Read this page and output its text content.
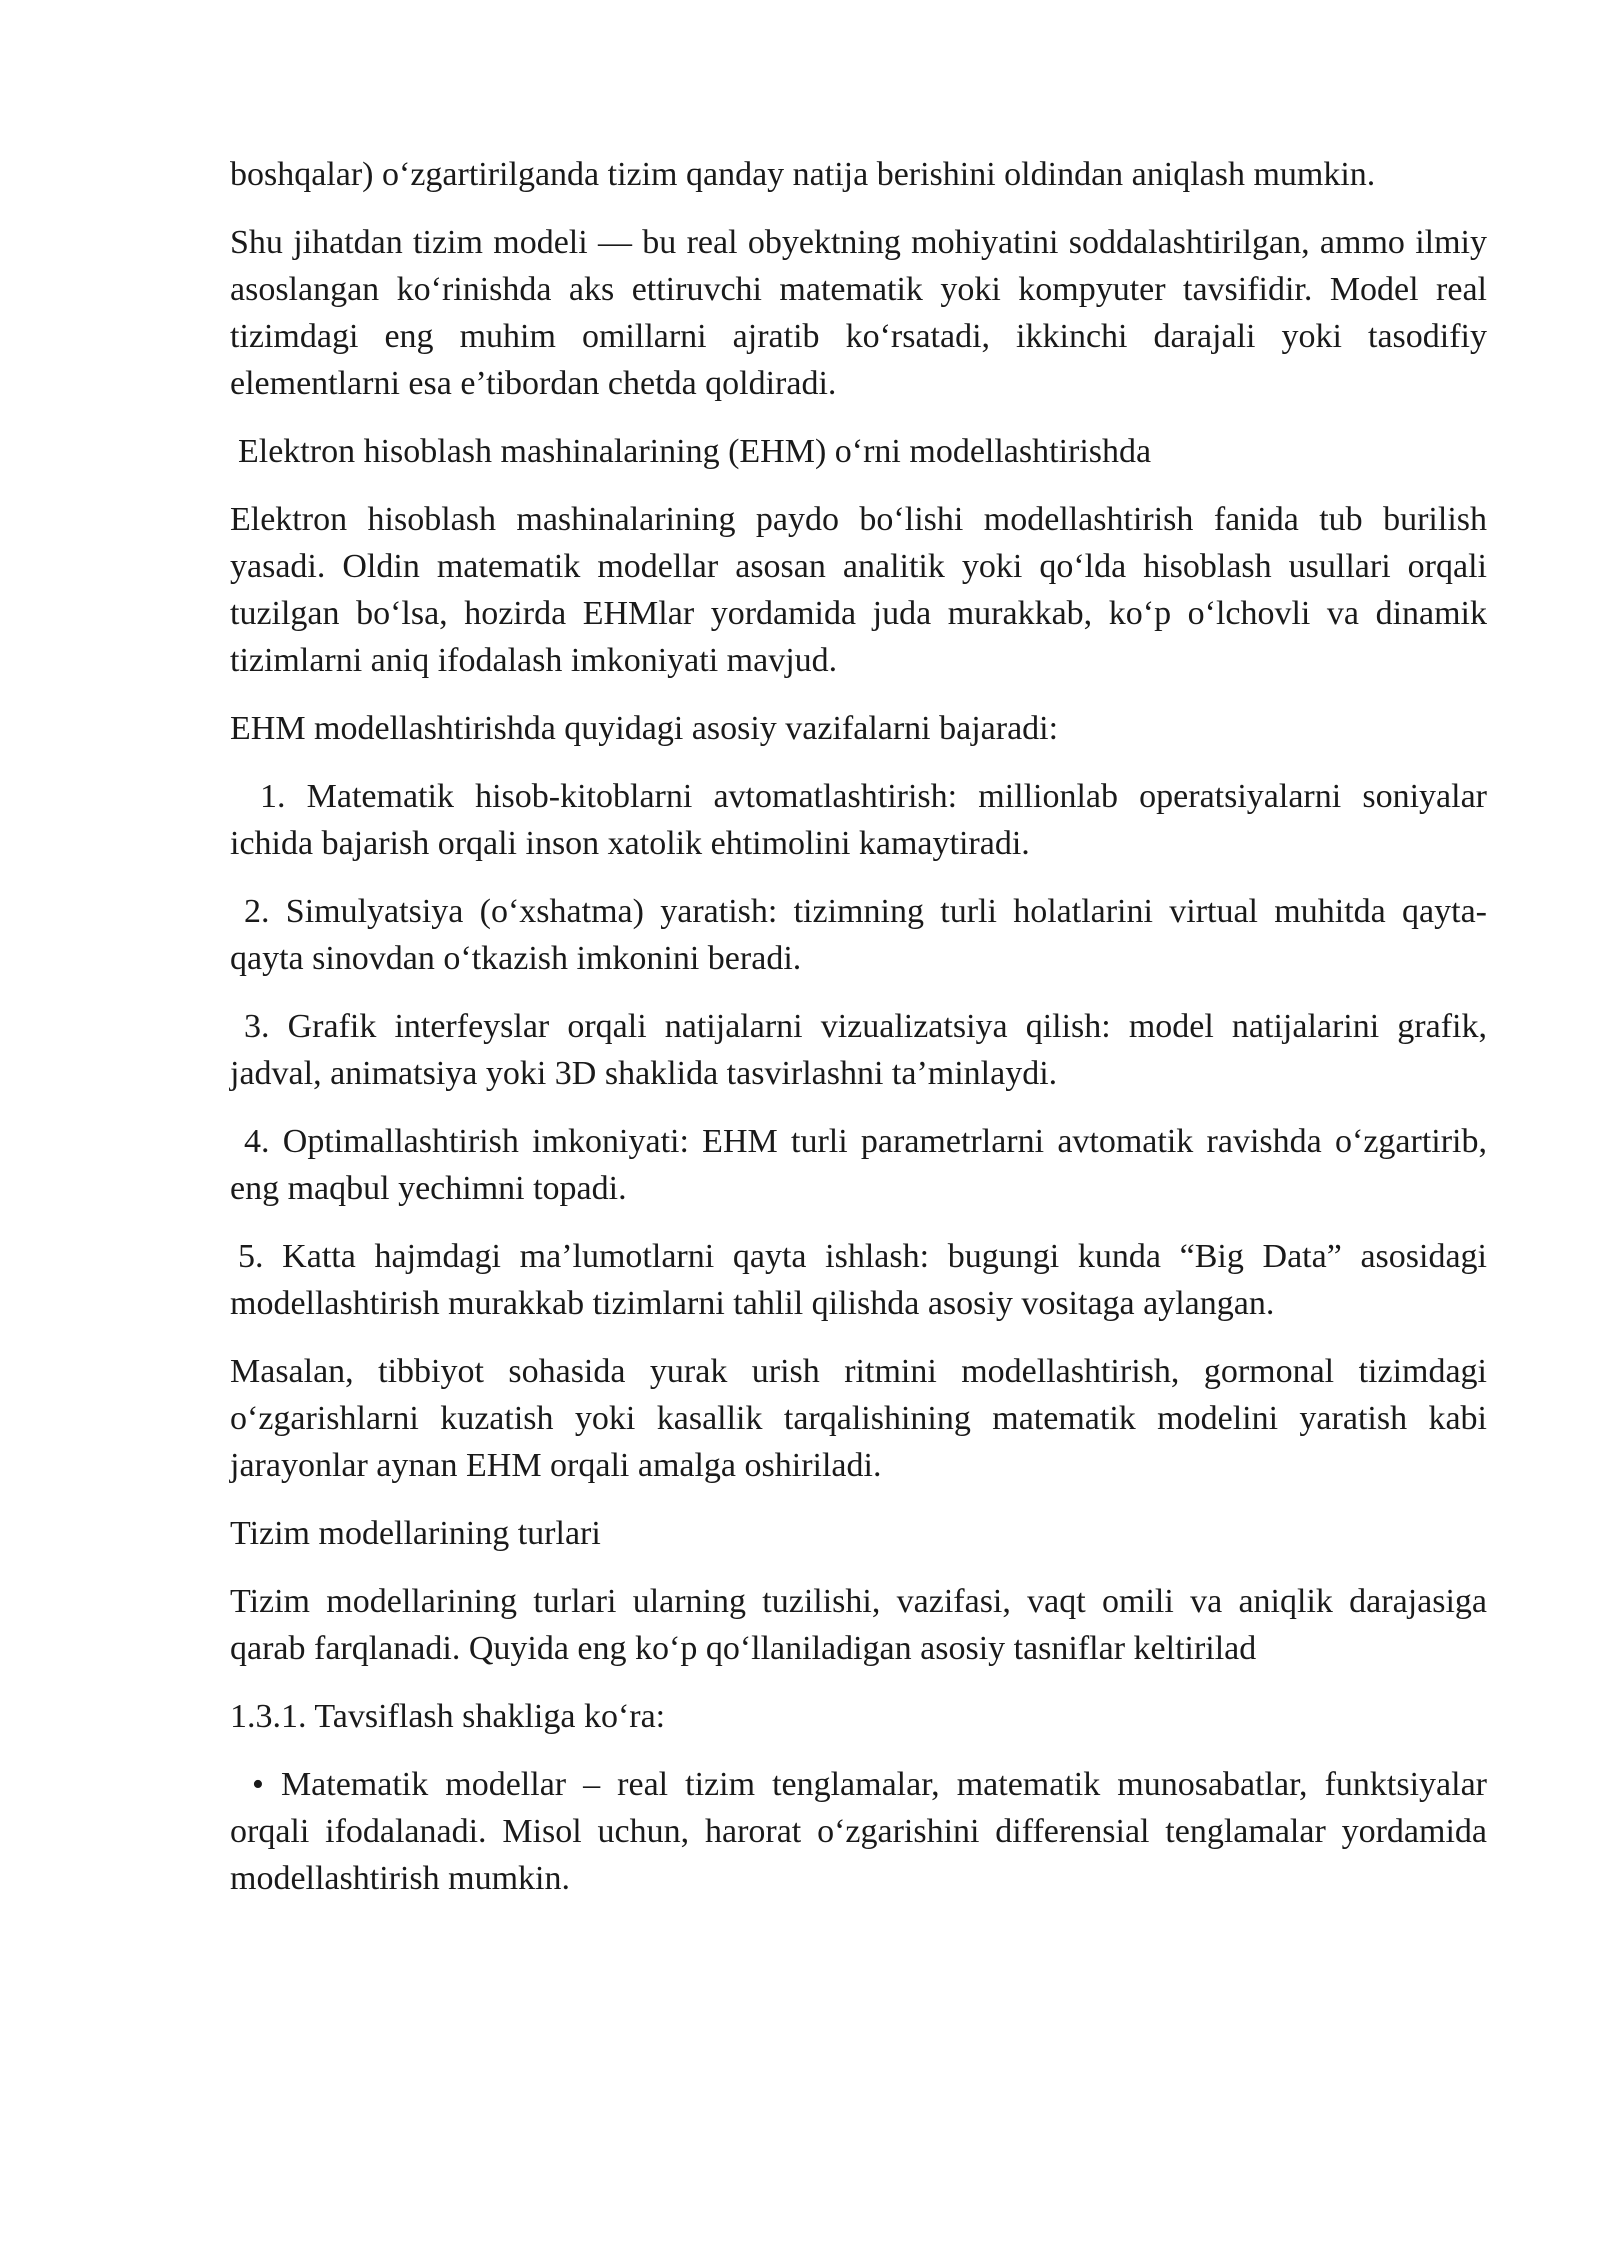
boshqalar) o‘zgartirilganda tizim qanday natija berishini oldindan aniqlash mumkin.

Shu jihatdan tizim modeli — bu real obyektning mohiyatini soddalashtirilgan, ammo ilmiy asoslangan ko‘rinishda aks ettiruvchi matematik yoki kompyuter tavsifidir. Model real tizimdagi eng muhim omillarni ajratib ko‘rsatadi, ikkinchi darajali yoki tasodifiy elementlarni esa e’tibordan chetda qoldiradi.

Elektron hisoblash mashinalarining (EHM) o‘rni modellashtirishda

Elektron hisoblash mashinalarining paydo bo‘lishi modellashtirish fanida tub burilish yasadi. Oldin matematik modellar asosan analitik yoki qo‘lda hisoblash usullari orqali tuzilgan bo‘lsa, hozirda EHMlar yordamida juda murakkab, ko‘p o‘lchovli va dinamik tizimlarni aniq ifodalash imkoniyati mavjud.

EHM modellashtirishda quyidagi asosiy vazifalarni bajaradi:

1. Matematik hisob-kitoblarni avtomatlashtirish: millionlab operatsiyalarni soniyalar ichida bajarish orqali inson xatolik ehtimolini kamaytiradi.

2. Simulyatsiya (o‘xshatma) yaratish: tizimning turli holatlarini virtual muhitda qayta-qayta sinovdan o‘tkazish imkonini beradi.

3. Grafik interfeyslar orqali natijalarni vizualizatsiya qilish: model natijalarini grafik, jadval, animatsiya yoki 3D shaklida tasvirlashni ta’minlaydi.

4. Optimallashtirish imkoniyati: EHM turli parametrlarni avtomatik ravishda o‘zgartirib, eng maqbul yechimni topadi.

5. Katta hajmdagi ma’lumotlarni qayta ishlash: bugungi kunda “Big Data” asosidagi modellashtirish murakkab tizimlarni tahlil qilishda asosiy vositaga aylangan.

Masalan, tibbiyot sohasida yurak urish ritmini modellashtirish, gormonal tizimdagi o‘zgarishlarni kuzatish yoki kasallik tarqalishining matematik modelini yaratish kabi jarayonlar aynan EHM orqali amalga oshiriladi.

Tizim modellarining turlari

Tizim modellarining turlari ularning tuzilishi, vazifasi, vaqt omili va aniqlik darajasiga qarab farqlanadi. Quyida eng ko‘p qo‘llaniladigan asosiy tasniflar keltirilad

1.3.1. Tavsiflash shakliga ko‘ra:

• Matematik modellar – real tizim tenglamalar, matematik munosabatlar, funktsiyalar orqali ifodalanadi. Misol uchun, harorat o‘zgarishini differensial tenglamalar yordamida modellashtirish mumkin.
